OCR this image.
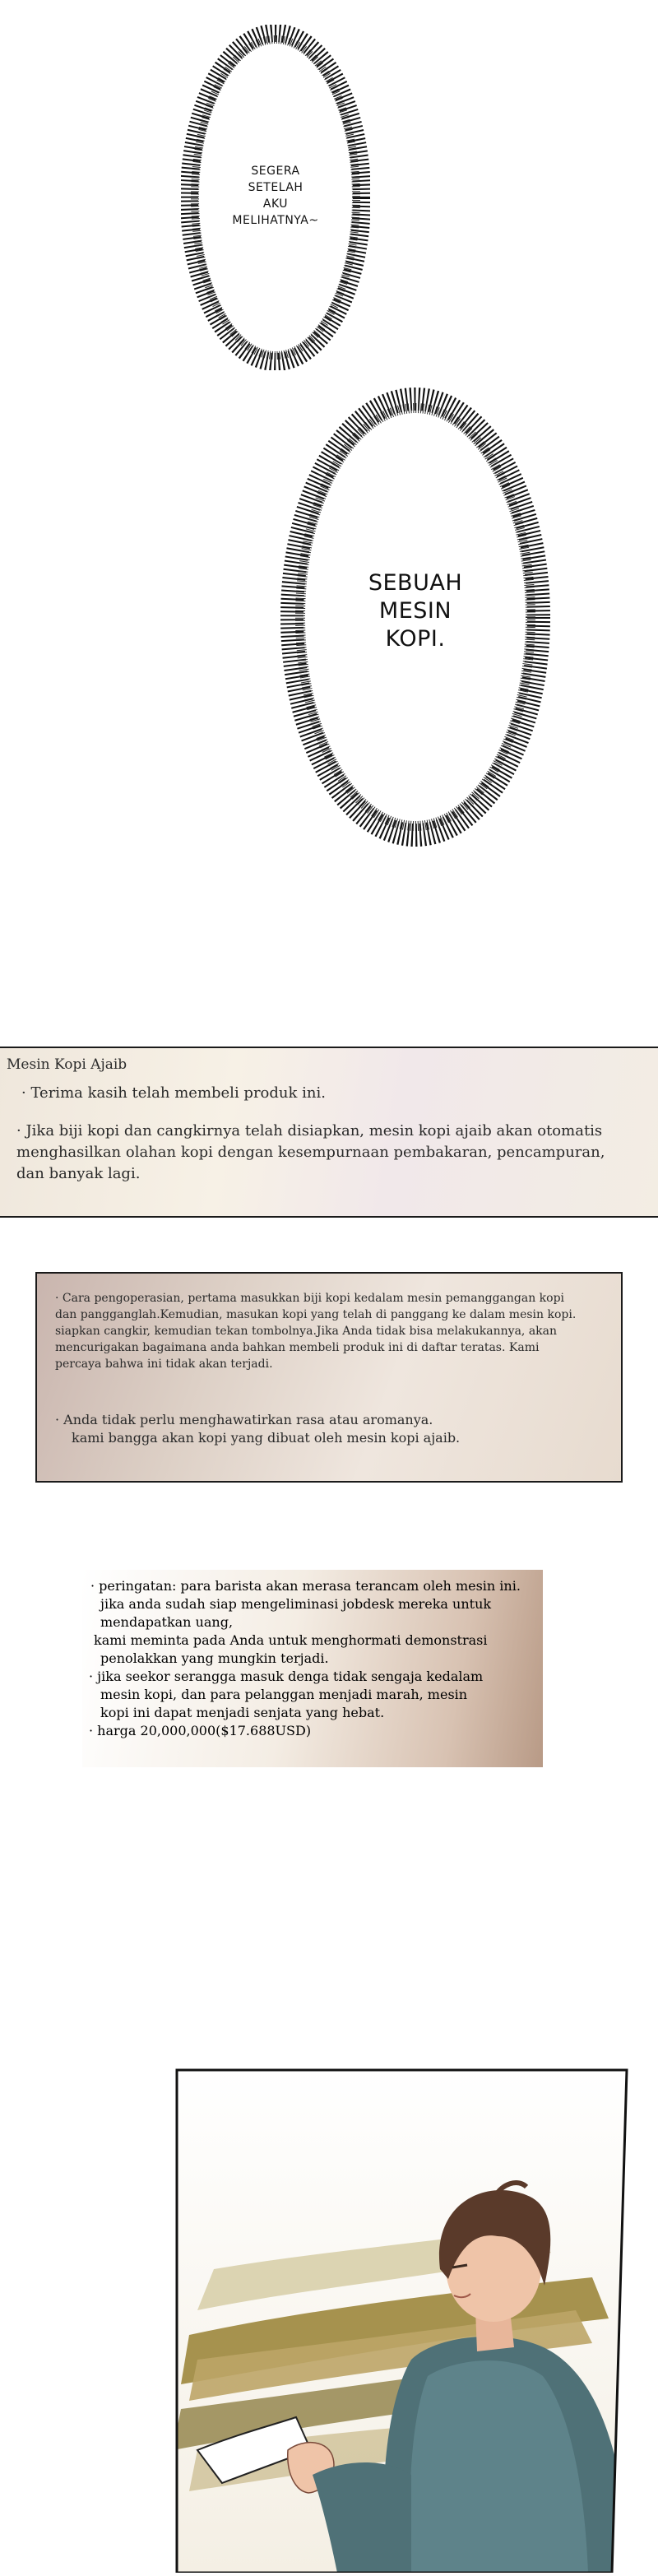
SEGERA
SETELAH
AKU
MELIHATNYA~
SEBUAH
MESIN
KOPI.
Mesin Kopi Ajaib
· Terima kasih telah membeli produk ini.
· Jika biji kopi dan cangkirnya telah disiapkan, mesin kopi ajaib akan otomatis
menghasilkan olahan kopi dengan kesempurnaan pembakaran, pencampuran,
dan banyak lagi.
· Cara pengoperasian, pertama masukkan biji kopi kedalam mesin pemanggangan kopi
dan pangganglah.Kemudian, masukan kopi yang telah di panggang ke dalam mesin kopi.
siapkan cangkir, kemudian tekan tombolnya.Jika Anda tidak bisa melakukannya, akan
mencurigakan bagaimana anda bahkan membeli produk ini di daftar teratas. Kami
percaya bahwa ini tidak akan terjadi.
· Anda tidak perlu menghawatirkan rasa atau aromanya.
kami bangga akan kopi yang dibuat oleh mesin kopi ajaib.
· peringatan: para barista akan merasa terancam oleh mesin ini.
jika anda sudah siap mengeliminasi jobdesk mereka untuk
mendapatkan uang,
kami meminta pada Anda untuk menghormati demonstrasi
penolakkan yang mungkin terjadi.
· jika seekor serangga masuk denga tidak sengaja kedalam
mesin kopi, dan para pelanggan menjadi marah, mesin
kopi ini dapat menjadi senjata yang hebat.
· harga 20,000,000($17.688USD)
